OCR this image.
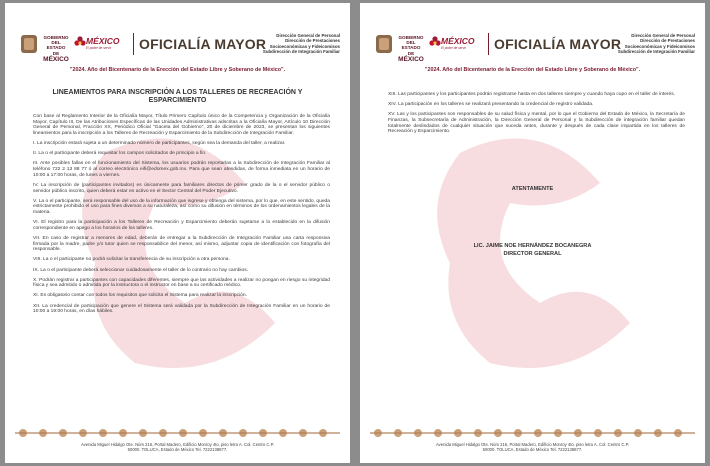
GOBIERNO DEL
ESTADO DE
MÉXICO
MÉXICO
El poder de servir OFICIALÍA MAYOR
Dirección General de Personal
Dirección de Prestaciones
Socioeconómicas y Fideicomisos
Subdirección de Integración Familiar
"2024. Año del Bicentenario de la Erección del Estado Libre y Soberano de México".
LINEAMIENTOS PARA INSCRIPCIÓN A LOS TALLERES DE RECREACIÓN Y ESPARCIMIENTO

Con base al Reglamento Interior de la Oficialía Mayor, Título Primero Capítulo único de la Competencia y Organización de la Oficialía Mayor, Capítulo III, De las Atribuciones Específicas de las Unidades Administrativas adscritas a la Oficialía Mayor, Artículo 10 Dirección General de Personal, Fracción XX, Periódico Oficial "Gaceta del Gobierno", 20 de diciembre de 2023, se presentan los siguientes lineamientos para la inscripción a los Talleres de Recreación y Esparcimiento de la Subdirección de Integración Familiar.

I. La inscripción estará sujeta a un determinado número de participantes, según sea la demanda del taller, a realizar.

II. La o el participante deberá requisitar los campos solicitados de principio a fin.

III. Ante posibles fallas en el funcionamiento del Sistema, los usuarios podrán reportarlas a la Subdirección de Integración Familiar al teléfono 722 2 13 88 77 ó al correo electrónico eifi@edomex.gob.mx. Para que sean atendidas, de forma inmediata en un horario de 10:00 a 17:00 horas, de lunes a viernes.

IV. La inscripción de (participantes invitados) es únicamente para familiares directos de primer grado de la o el servidor público o servidor público inscrito, quien deberá estar en activo en el Sector Central del Poder Ejecutivo.

V. La o el participante, será responsable del uso de la información que ingrese y obtenga del sistema, por lo que, en este sentido, queda estrictamente prohibido el uso para fines diversos a su naturaleza, así como su difusión en términos de los ordenamientos legales de la materia.

VI. El registro para la participación a los Talleres de Recreación y Esparcimiento deberán sujetarse a lo establecido en la difusión correspondiente en apego a los horarios de los talleres.

VII. En caso de registrar a menores de edad, deberán de entregar a la Subdirección de Integración Familiar una carta responsiva firmada por la madre, padre y/o tutor quien se responsabilice del menor, así mismo, adjuntar copia de identificación con fotografía del responsable.

VIII. La o el participante no podrá solicitar la transferencia de su inscripción a otra persona.

IX. La o el participante deberá seleccionar cuidadosamente el taller de lo contrario no hay cambios.

X. Podrán registrar a participantes con capacidades diferentes, siempre que las actividades a realizar no pongan en riesgo su integridad física y sea admitido o admitida por la instructora o el instructor en base a su certificado médico.

XI. Es obligatorio contar con todos los requisitos que solicita el Sistema para realizar la inscripción.

XII. La credencial de participación que genere el Sistema será validada por la Subdirección de Integración Familiar en un horario de 10:00 a 19:00 horas, en días hábiles.

Avenida Miguel Hidalgo Ote. Núm 216, Portal Madero, Edificio Monroy 4to. piso letra A. Col. Centro C.P.
50000. TOLUCA, Estado de México Tel. 7222138877.
GOBIERNO DEL
ESTADO DE
MÉXICO
MÉXICO
El poder de servir OFICIALÍA MAYOR
Dirección General de Personal
Dirección de Prestaciones
Socioeconómicas y Fideicomisos
Subdirección de Integración Familiar
"2024. Año del Bicentenario de la Erección del Estado Libre y Soberano de México".

XIII. Las participantes y los participantes podrán registrarse hasta en dos talleres siempre y cuando haya cupo en el taller de interés.

XIV. La participación en los talleres se realizará presentando la credencial de registro validada.

XV. Las y los participantes son responsables de su salud física y mental, por lo que el Gobierno del Estado de México, la Secretaría de Finanzas, la Subsecretaría de Administración, la Dirección General de Personal y la Subdirección de integración familiar quedan totalmente deslindados de cualquier situación que suceda antes, durante y después de cada clase impartida en los talleres de Recreación y Esparcimiento.

ATENTAMENTE
LIC. JAIME NOE HERNÁNDEZ BOCANEGRA
DIRECTOR GENERAL
Avenida Miguel Hidalgo Ote. Núm 216, Portal Madero, Edificio Monroy 4to. piso letra A. Col. Centro C.P.
50000. TOLUCA, Estado de México Tel. 7222138877.
